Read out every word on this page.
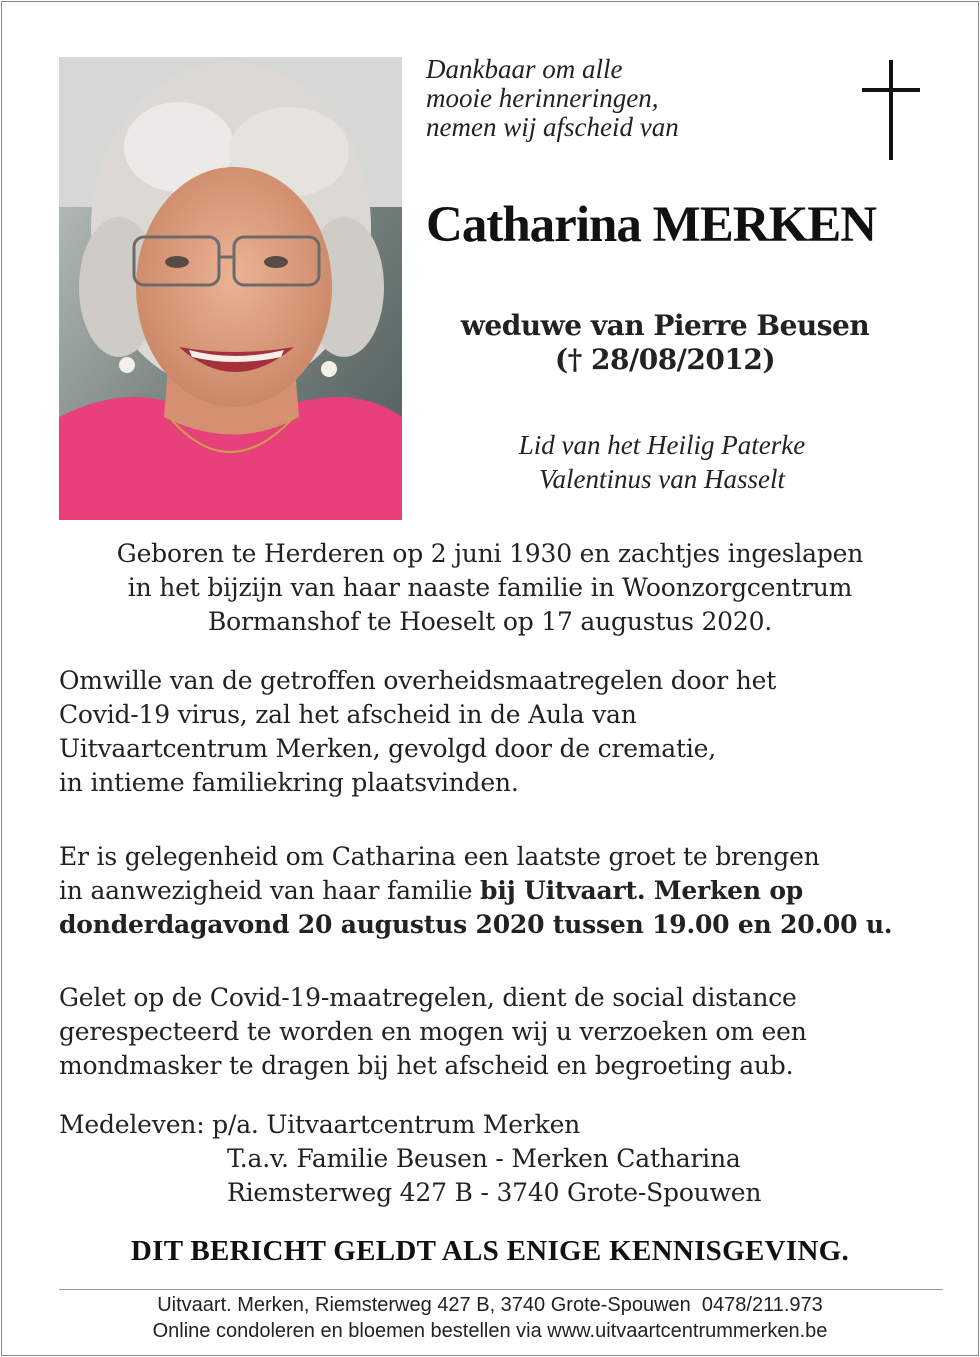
Dankbaar om alle
mooie herinneringen,
nemen wij afscheid van
Catharina MERKEN
weduwe van Pierre Beusen
(† 28/08/2012)
Lid van het Heilig Paterke
Valentinus van Hasselt
Geboren te Herderen op 2 juni 1930 en zachtjes ingeslapen
in het bijzijn van haar naaste familie in Woonzorgcentrum
Bormanshof te Hoeselt op 17 augustus 2020.
Omwille van de getroffen overheidsmaatregelen door het
Covid-19 virus, zal het afscheid in de Aula van
Uitvaartcentrum Merken, gevolgd door de crematie,
in intieme familiekring plaatsvinden.
Er is gelegenheid om Catharina een laatste groet te brengen
in aanwezigheid van haar familie bij Uitvaart. Merken op
donderdagavond 20 augustus 2020 tussen 19.00 en 20.00 u.
Gelet op de Covid-19-maatregelen, dient de social distance
gerespecteerd te worden en mogen wij u verzoeken om een
mondmasker te dragen bij het afscheid en begroeting aub.
Medeleven: p/a. Uitvaartcentrum Merken
T.a.v. Familie Beusen - Merken Catharina
Riemsterweg 427 B - 3740 Grote-Spouwen
DIT BERICHT GELDT ALS ENIGE KENNISGEVING.
Uitvaart. Merken, Riemsterweg 427 B, 3740 Grote-Spouwen  0478/211.973
Online condoleren en bloemen bestellen via www.uitvaartcentrummerken.be
